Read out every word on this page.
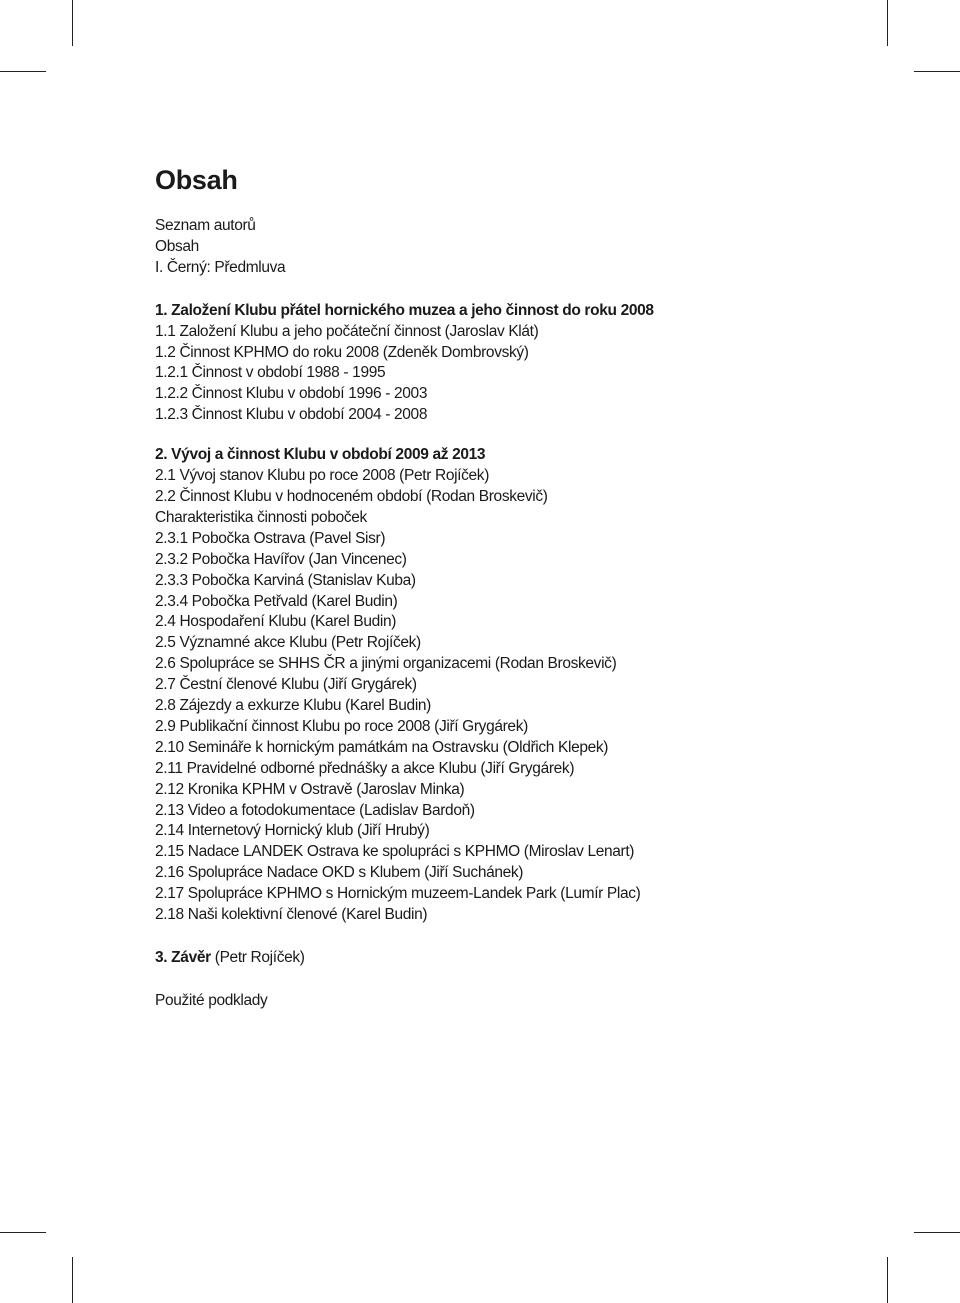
Obsah
Seznam autorů
Obsah
I. Černý: Předmluva
1. Založení Klubu přátel hornického muzea a jeho činnost do roku 2008
1.1 Založení Klubu a jeho počáteční činnost (Jaroslav Klát)
1.2 Činnost KPHMO do roku 2008 (Zdeněk Dombrovský)
1.2.1 Činnost v období 1988 - 1995
1.2.2 Činnost Klubu v období 1996 - 2003
1.2.3 Činnost Klubu v období 2004 - 2008
2. Vývoj a činnost Klubu v období 2009 až 2013
2.1 Vývoj stanov Klubu po roce 2008 (Petr Rojíček)
2.2 Činnost Klubu v hodnoceném období (Rodan Broskevič)
Charakteristika činnosti poboček
2.3.1 Pobočka Ostrava (Pavel Sisr)
2.3.2 Pobočka Havířov (Jan Vincenec)
2.3.3 Pobočka Karviná (Stanislav Kuba)
2.3.4 Pobočka Petřvald (Karel Budin)
2.4 Hospodaření Klubu (Karel Budin)
2.5 Významné akce Klubu (Petr Rojíček)
2.6 Spolupráce se SHHS ČR a jinými organizacemi (Rodan Broskevič)
2.7 Čestní členové Klubu (Jiří Grygárek)
2.8 Zájezdy a exkurze Klubu (Karel Budin)
2.9 Publikační činnost Klubu po roce 2008 (Jiří Grygárek)
2.10 Semináře k hornickým památkám na Ostravsku (Oldřich Klepek)
2.11 Pravidelné odborné přednášky a akce Klubu (Jiří Grygárek)
2.12 Kronika KPHM v Ostravě (Jaroslav Minka)
2.13 Video a fotodokumentace (Ladislav Bardoň)
2.14 Internetový Hornický klub (Jiří Hrubý)
2.15 Nadace LANDEK Ostrava ke spolupráci s KPHMO (Miroslav Lenart)
2.16 Spolupráce Nadace OKD s Klubem (Jiří Suchánek)
2.17 Spolupráce KPHMO s Hornickým muzeem-Landek Park (Lumír Plac)
2.18 Naši kolektivní členové (Karel Budin)
3. Závěr (Petr Rojíček)
Použité podklady
